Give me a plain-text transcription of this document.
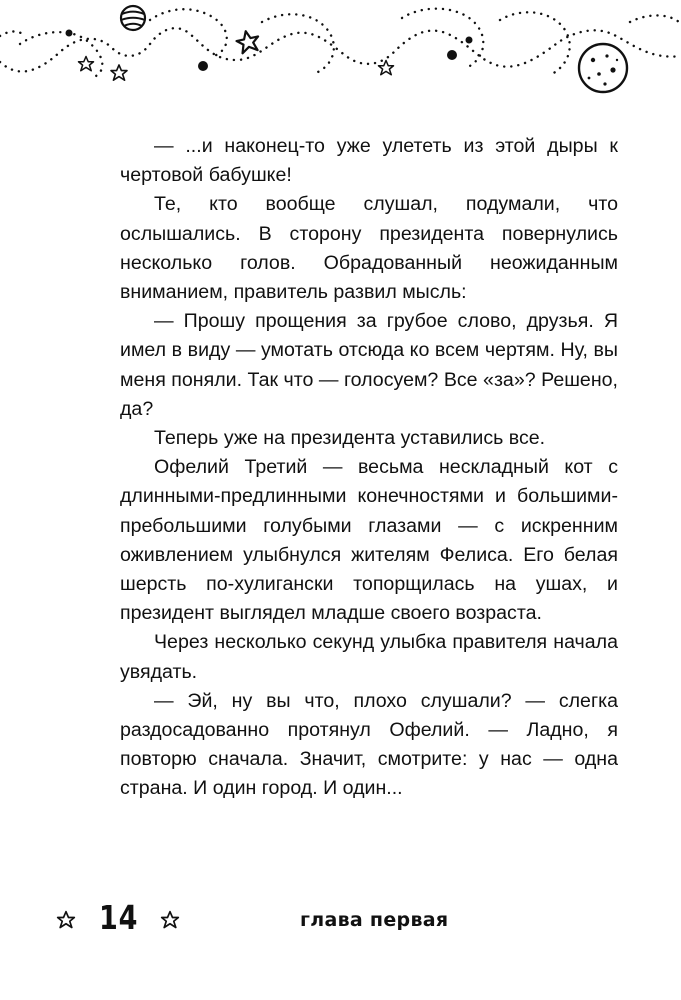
— ...и наконец-то уже улететь из этой дыры к чертовой бабушке!

Те, кто вообще слушал, подумали, что ослышались. В сторону президента повернулись несколько голов. Обрадованный неожиданным вниманием, правитель развил мысль:

— Прошу прощения за грубое слово, друзья. Я имел в виду — умотать отсюда ко всем чертям. Ну, вы меня поняли. Так что — голосуем? Все «за»? Решено, да?

Теперь уже на президента уставились все.

Офелий Третий — весьма нескладный кот с длинными-предлинными конечностями и большими-пребольшими голубыми глазами — с искренним оживлением улыбнулся жителям Фелиса. Его белая шерсть по-хулигански топорщилась на ушах, и президент выглядел младше своего возраста.

Через несколько секунд улыбка правителя начала увядать.

— Эй, ну вы что, плохо слушали? — слегка раздосадованно протянул Офелий. — Ладно, я повторю сначала. Значит, смотрите: у нас — одна страна. И один город. И один...

14	глава первая
